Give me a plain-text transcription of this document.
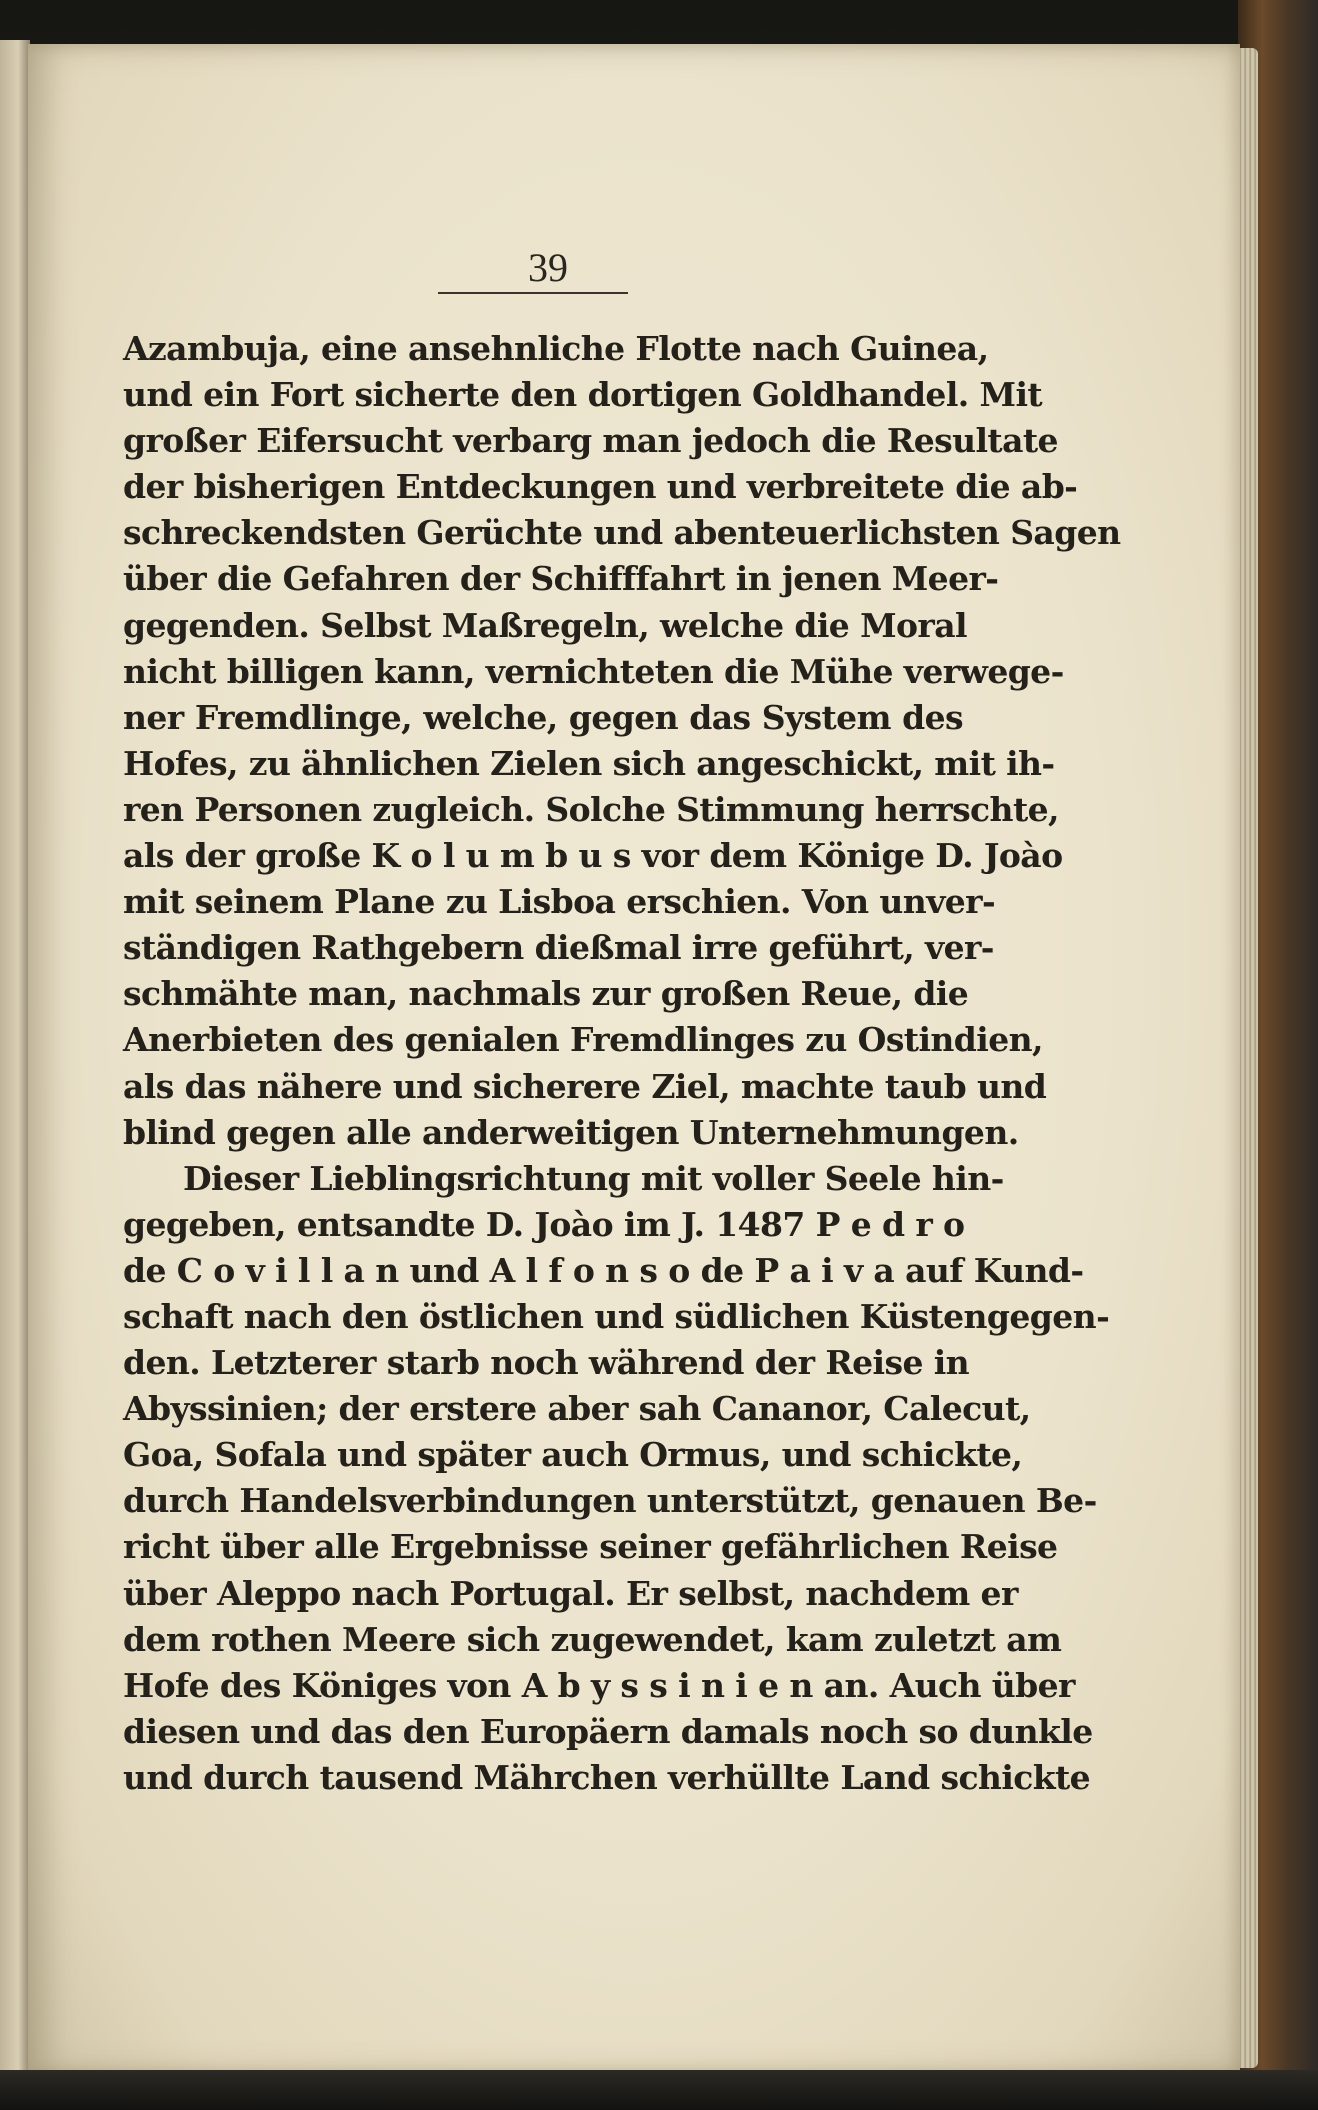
39
Azambuja, eine ansehnliche Flotte nach Guinea,
und ein Fort sicherte den dortigen Goldhandel. Mit
großer Eifersucht verbarg man jedoch die Resultate
der bisherigen Entdeckungen und verbreitete die ab-
schreckendsten Gerüchte und abenteuerlichsten Sagen
über die Gefahren der Schifffahrt in jenen Meer-
gegenden. Selbst Maßregeln, welche die Moral
nicht billigen kann, vernichteten die Mühe verwege-
ner Fremdlinge, welche, gegen das System des
Hofes, zu ähnlichen Zielen sich angeschickt, mit ih-
ren Personen zugleich. Solche Stimmung herrschte,
als der große K o l u m b u s vor dem Könige D. Joào
mit seinem Plane zu Lisboa erschien. Von unver-
ständigen Rathgebern dießmal irre geführt, ver-
schmähte man, nachmals zur großen Reue, die
Anerbieten des genialen Fremdlinges zu Ostindien,
als das nähere und sicherere Ziel, machte taub und
blind gegen alle anderweitigen Unternehmungen.
Dieser Lieblingsrichtung mit voller Seele hin-
gegeben, entsandte D. Joào im J. 1487 P e d r o
de C o v i l l a n und A l f o n s o de P a i v a auf Kund-
schaft nach den östlichen und südlichen Küstengegen-
den. Letzterer starb noch während der Reise in
Abyssinien; der erstere aber sah Cananor, Calecut,
Goa, Sofala und später auch Ormus, und schickte,
durch Handelsverbindungen unterstützt, genauen Be-
richt über alle Ergebnisse seiner gefährlichen Reise
über Aleppo nach Portugal. Er selbst, nachdem er
dem rothen Meere sich zugewendet, kam zuletzt am
Hofe des Königes von A b y s s i n i e n an. Auch über
diesen und das den Europäern damals noch so dunkle
und durch tausend Mährchen verhüllte Land schickte
